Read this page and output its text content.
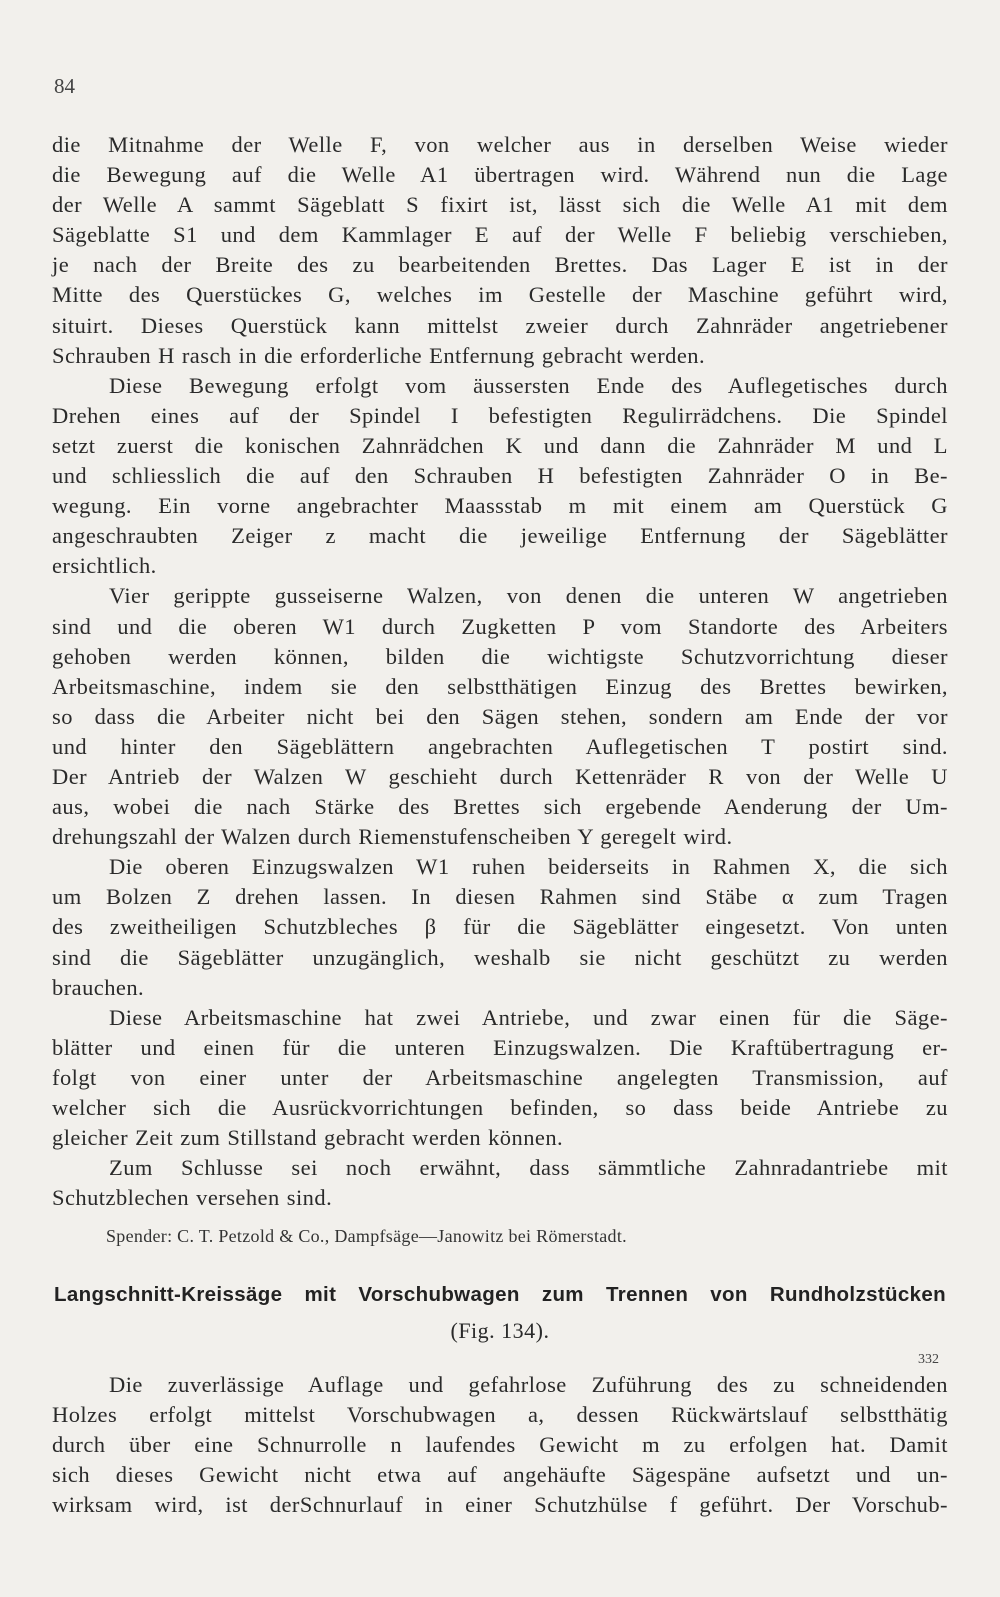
84
die Mitnahme der Welle F, von welcher aus in derselben Weise wieder
die Bewegung auf die Welle A1 übertragen wird. Während nun die Lage
der Welle A sammt Sägeblatt S fixirt ist, lässt sich die Welle A1 mit dem
Sägeblatte S1 und dem Kammlager E auf der Welle F beliebig verschieben,
je nach der Breite des zu bearbeitenden Brettes. Das Lager E ist in der
Mitte des Querstückes G, welches im Gestelle der Maschine geführt wird,
situirt. Dieses Querstück kann mittelst zweier durch Zahnräder angetriebener
Schrauben H rasch in die erforderliche Entfernung gebracht werden.
Diese Bewegung erfolgt vom äussersten Ende des Auflegetisches durch
Drehen eines auf der Spindel I befestigten Regulirrädchens. Die Spindel
setzt zuerst die konischen Zahnrädchen K und dann die Zahnräder M und L
und schliesslich die auf den Schrauben H befestigten Zahnräder O in Be-
wegung. Ein vorne angebrachter Maassstab m mit einem am Querstück G
angeschraubten Zeiger z macht die jeweilige Entfernung der Sägeblätter
ersichtlich.
Vier gerippte gusseiserne Walzen, von denen die unteren W angetrieben
sind und die oberen W1 durch Zugketten P vom Standorte des Arbeiters
gehoben werden können, bilden die wichtigste Schutzvorrichtung dieser
Arbeitsmaschine, indem sie den selbstthätigen Einzug des Brettes bewirken,
so dass die Arbeiter nicht bei den Sägen stehen, sondern am Ende der vor
und hinter den Sägeblättern angebrachten Auflegetischen T postirt sind.
Der Antrieb der Walzen W geschieht durch Kettenräder R von der Welle U
aus, wobei die nach Stärke des Brettes sich ergebende Aenderung der Um-
drehungszahl der Walzen durch Riemenstufenscheiben Y geregelt wird.
Die oberen Einzugswalzen W1 ruhen beiderseits in Rahmen X, die sich
um Bolzen Z drehen lassen. In diesen Rahmen sind Stäbe α zum Tragen
des zweitheiligen Schutzbleches β für die Sägeblätter eingesetzt. Von unten
sind die Sägeblätter unzugänglich, weshalb sie nicht geschützt zu werden
brauchen.
Diese Arbeitsmaschine hat zwei Antriebe, und zwar einen für die Säge-
blätter und einen für die unteren Einzugswalzen. Die Kraftübertragung er-
folgt von einer unter der Arbeitsmaschine angelegten Transmission, auf
welcher sich die Ausrückvorrichtungen befinden, so dass beide Antriebe zu
gleicher Zeit zum Stillstand gebracht werden können.
Zum Schlusse sei noch erwähnt, dass sämmtliche Zahnradantriebe mit
Schutzblechen versehen sind.
Spender: C. T. Petzold & Co., Dampfsäge—Janowitz bei Römerstadt.
Langschnitt-Kreissäge mit Vorschubwagen zum Trennen von Rundholzstücken
(Fig. 134).
332
Die zuverlässige Auflage und gefahrlose Zuführung des zu schneidenden
Holzes erfolgt mittelst Vorschubwagen a, dessen Rückwärtslauf selbstthätig
durch über eine Schnurrolle n laufendes Gewicht m zu erfolgen hat. Damit
sich dieses Gewicht nicht etwa auf angehäufte Sägespäne aufsetzt und un-
wirksam wird, ist derSchnurlauf in einer Schutzhülse f geführt. Der Vorschub-
